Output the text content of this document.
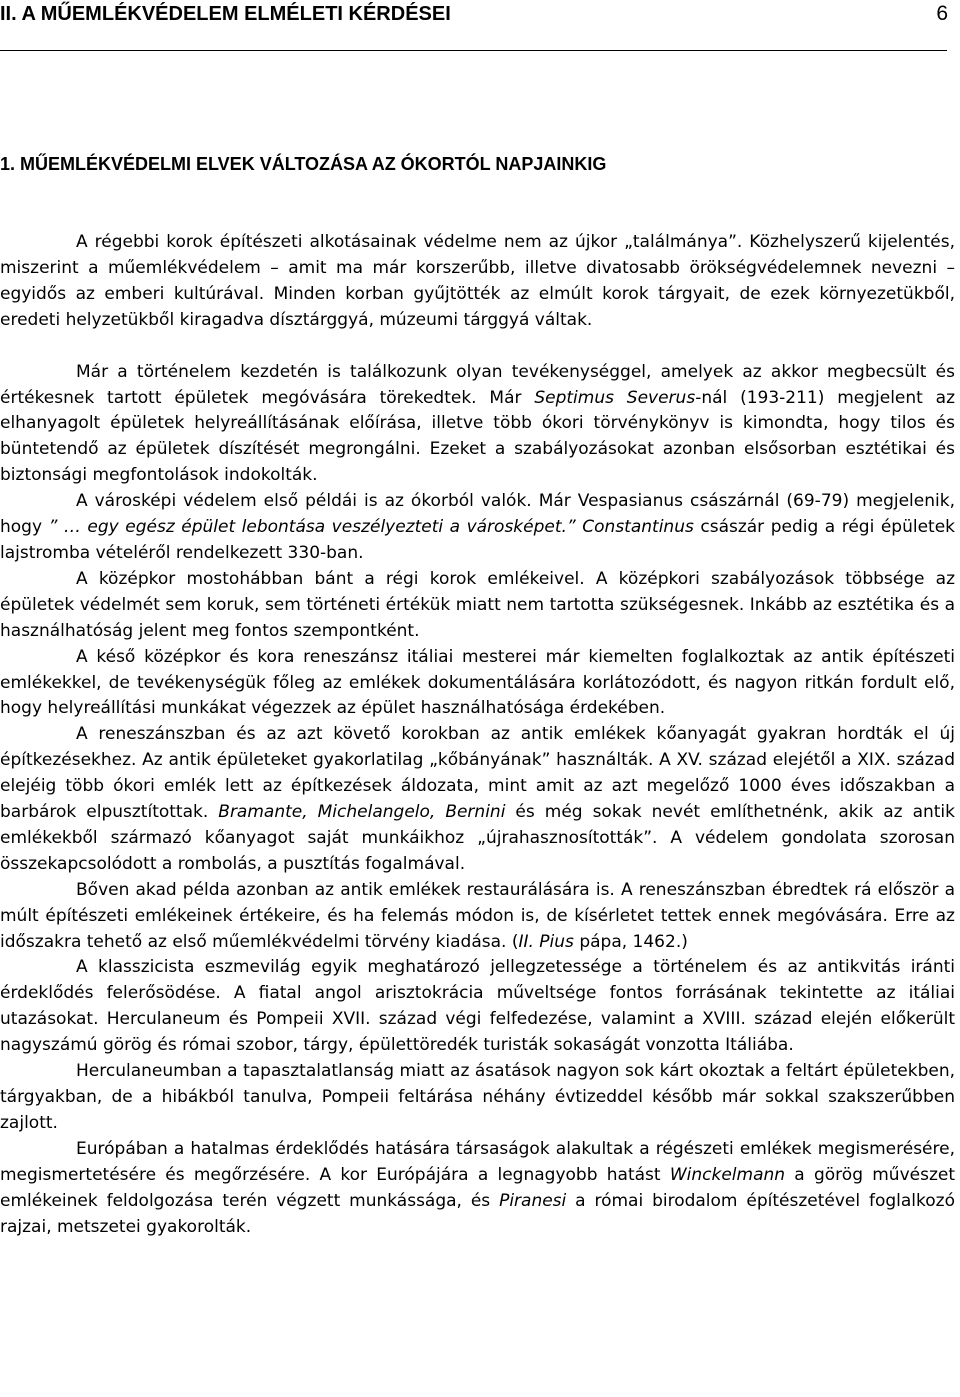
II. A MŰEMLÉKVÉDELEM ELMÉLETI KÉRDÉSEI	6
1. MŰEMLÉKVÉDELMI ELVEK VÁLTOZÁSA AZ ÓKORTÓL NAPJAINKIG

A régebbi korok építészeti alkotásainak védelme nem az újkor „találmánya”. Közhelyszerű kijelentés, miszerint a műemlékvédelem – amit ma már korszerűbb, illetve divatosabb örökségvédelemnek nevezni – egyidős az emberi kultúrával. Minden korban gyűjtötték az elmúlt korok tárgyait, de ezek környezetükből, eredeti helyzetükből kiragadva dísztárggyá, múzeumi tárggyá váltak.

Már a történelem kezdetén is találkozunk olyan tevékenységgel, amelyek az akkor megbecsült és értékesnek tartott épületek megóvására törekedtek. Már Septimus Severus-nál (193-211) megjelent az elhanyagolt épületek helyreállításának előírása, illetve több ókori törvénykönyv is kimondta, hogy tilos és büntetendő az épületek díszítését megrongálni. Ezeket a szabályozásokat azonban elsősorban esztétikai és biztonsági megfontolások indokolták.

A városképi védelem első példái is az ókorból valók. Már Vespasianus császárnál (69-79) megjelenik, hogy ” … egy egész épület lebontása veszélyezteti a városképet.” Constantinus császár pedig a régi épületek lajstromba vételéről rendelkezett 330-ban.

A középkor mostohábban bánt a régi korok emlékeivel. A középkori szabályozások többsége az épületek védelmét sem koruk, sem történeti értékük miatt nem tartotta szükségesnek. Inkább az esztétika és a használhatóság jelent meg fontos szempontként.

A késő középkor és kora reneszánsz itáliai mesterei már kiemelten foglalkoztak az antik építészeti emlékekkel, de tevékenységük főleg az emlékek dokumentálására korlátozódott, és nagyon ritkán fordult elő, hogy helyreállítási munkákat végezzek az épület használhatósága érdekében.

A reneszánszban és az azt követő korokban az antik emlékek kőanyagát gyakran hordták el új építkezésekhez. Az antik épületeket gyakorlatilag „kőbányának” használták. A XV. század elejétől a XIX. század elejéig több ókori emlék lett az építkezések áldozata, mint amit az azt megelőző 1000 éves időszakban a barbárok elpusztítottak. Bramante, Michelangelo, Bernini és még sokak nevét említhetnénk, akik az antik emlékekből származó kőanyagot saját munkáikhoz „újrahasznosították”. A védelem gondolata szorosan összekapcsolódott a rombolás, a pusztítás fogalmával.

Bőven akad példa azonban az antik emlékek restaurálására is. A reneszánszban ébredtek rá először a múlt építészeti emlékeinek értékeire, és ha felemás módon is, de kísérletet tettek ennek megóvására. Erre az időszakra tehető az első műemlékvédelmi törvény kiadása. (II. Pius pápa, 1462.)

A klasszicista eszmevilág egyik meghatározó jellegzetessége a történelem és az antikvitás iránti érdeklődés felerősödése. A fiatal angol arisztokrácia műveltsége fontos forrásának tekintette az itáliai utazásokat. Herculaneum és Pompeii XVII. század végi felfedezése, valamint a XVIII. század elején előkerült nagyszámú görög és római szobor, tárgy, épülettöredék turisták sokaságát vonzotta Itáliába.

Herculaneumban a tapasztalatlanság miatt az ásatások nagyon sok kárt okoztak a feltárt épületekben, tárgyakban, de a hibákból tanulva, Pompeii feltárása néhány évtizeddel később már sokkal szakszerűbben zajlott.

Európában a hatalmas érdeklődés hatására társaságok alakultak a régészeti emlékek megismerésére, megismertetésére és megőrzésére. A kor Európájára a legnagyobb hatást Winckelmann a görög művészet emlékeinek feldolgozása terén végzett munkássága, és Piranesi a római birodalom építészetével foglalkozó rajzai, metszetei gyakorolták.
